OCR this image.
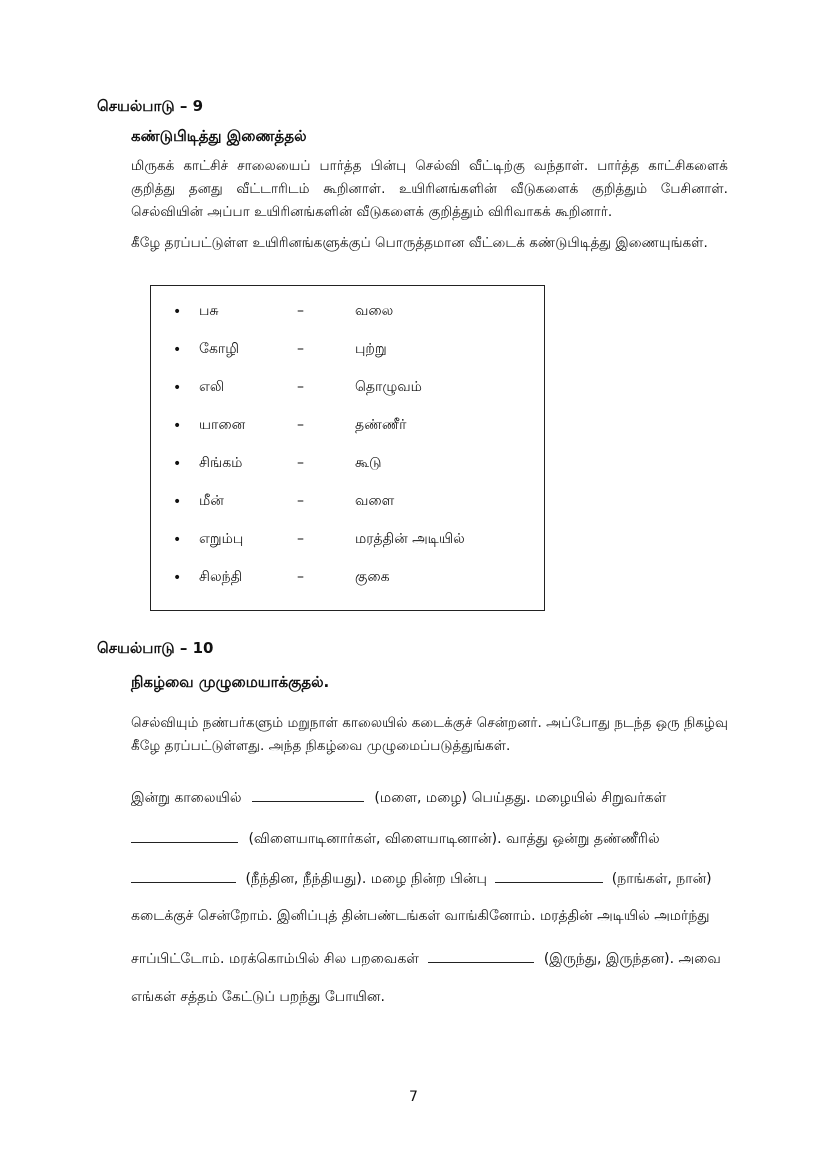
செயல்பாடு – 9
கண்டுபிடித்து இணைத்தல்
மிருகக் காட்சிச் சாலையைப் பார்த்த பின்பு செல்வி வீட்டிற்கு வந்தாள். பார்த்த காட்சிகளைக் குறித்து தனது வீட்டாரிடம் கூறினாள். உயிரினங்களின் வீடுகளைக் குறித்தும் பேசினாள். செல்வியின் அப்பா உயிரினங்களின் வீடுகளைக் குறித்தும் விரிவாகக் கூறினார்.
கீழே தரப்பட்டுள்ள உயிரினங்களுக்குப் பொருத்தமான வீட்டைக் கண்டுபிடித்து இணையுங்கள்.
• பசு	–	வலை
• கோழி	–	புற்று
• எலி	–	தொழுவம்
• யானை	–	தண்ணீர்
• சிங்கம்	–	கூடு
• மீன்	–	வளை
• எறும்பு	–	மரத்தின் அடியில்
• சிலந்தி	–	குகை
செயல்பாடு – 10
நிகழ்வை முழுமையாக்குதல்.
செல்வியும் நண்பர்களும் மறுநாள் காலையில் கடைக்குச் சென்றனர். அப்போது நடந்த ஒரு நிகழ்வு கீழே தரப்பட்டுள்ளது. அந்த நிகழ்வை முழுமைப்படுத்துங்கள்.
இன்று காலையில்	(மளை, மழை) பெய்தது. மழையில் சிறுவர்கள்
(விளையாடினார்கள், விளையாடினான்). வாத்து ஒன்று தண்ணீரில்
(நீந்தின, நீந்தியது). மழை நின்ற பின்பு	(நாங்கள், நான்)
கடைக்குச் சென்றோம். இனிப்புத் தின்பண்டங்கள் வாங்கினோம். மரத்தின் அடியில் அமர்ந்து
சாப்பிட்டோம். மரக்கொம்பில் சில பறவைகள்	(இருந்து, இருந்தன). அவை
எங்கள் சத்தம் கேட்டுப் பறந்து போயின.
7
